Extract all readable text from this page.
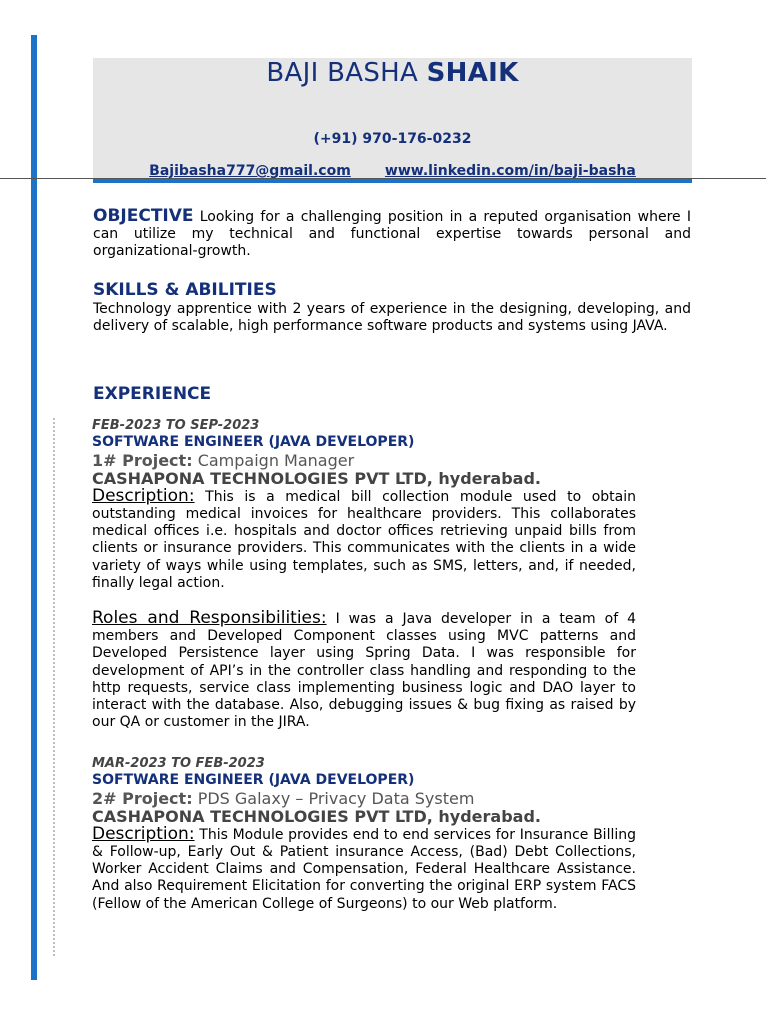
BAJI BASHA SHAIK
(+91) 970-176-0232
Bajibasha777@gmail.com www.linkedin.com/in/baji-basha
OBJECTIVE Looking for a challenging position in a reputed organisation where I can utilize my technical and functional expertise towards personal and organizational-growth.
SKILLS & ABILITIES
Technology apprentice with 2 years of experience in the designing, developing, and delivery of scalable, high performance software products and systems using JAVA.
EXPERIENCE
FEB-2023 TO SEP-2023
SOFTWARE ENGINEER (JAVA DEVELOPER)
1# Project: Campaign Manager
CASHAPONA TECHNOLOGIES PVT LTD, hyderabad.
Description: This is a medical bill collection module used to obtain outstanding medical invoices for healthcare providers. This collaborates medical offices i.e. hospitals and doctor offices retrieving unpaid bills from clients or insurance providers. This communicates with the clients in a wide variety of ways while using templates, such as SMS, letters, and, if needed, finally legal action.
Roles and Responsibilities: I was a Java developer in a team of 4 members and Developed Component classes using MVC patterns and Developed Persistence layer using Spring Data. I was responsible for development of API’s in the controller class handling and responding to the http requests, service class implementing business logic and DAO layer to interact with the database. Also, debugging issues & bug fixing as raised by our QA or customer in the JIRA.
MAR-2023 TO FEB-2023
SOFTWARE ENGINEER (JAVA DEVELOPER)
2# Project: PDS Galaxy – Privacy Data System
CASHAPONA TECHNOLOGIES PVT LTD, hyderabad.
Description: This Module provides end to end services for Insurance Billing & Follow-up, Early Out & Patient insurance Access, (Bad) Debt Collections, Worker Accident Claims and Compensation, Federal Healthcare Assistance. And also Requirement Elicitation for converting the original ERP system FACS (Fellow of the American College of Surgeons) to our Web platform.
